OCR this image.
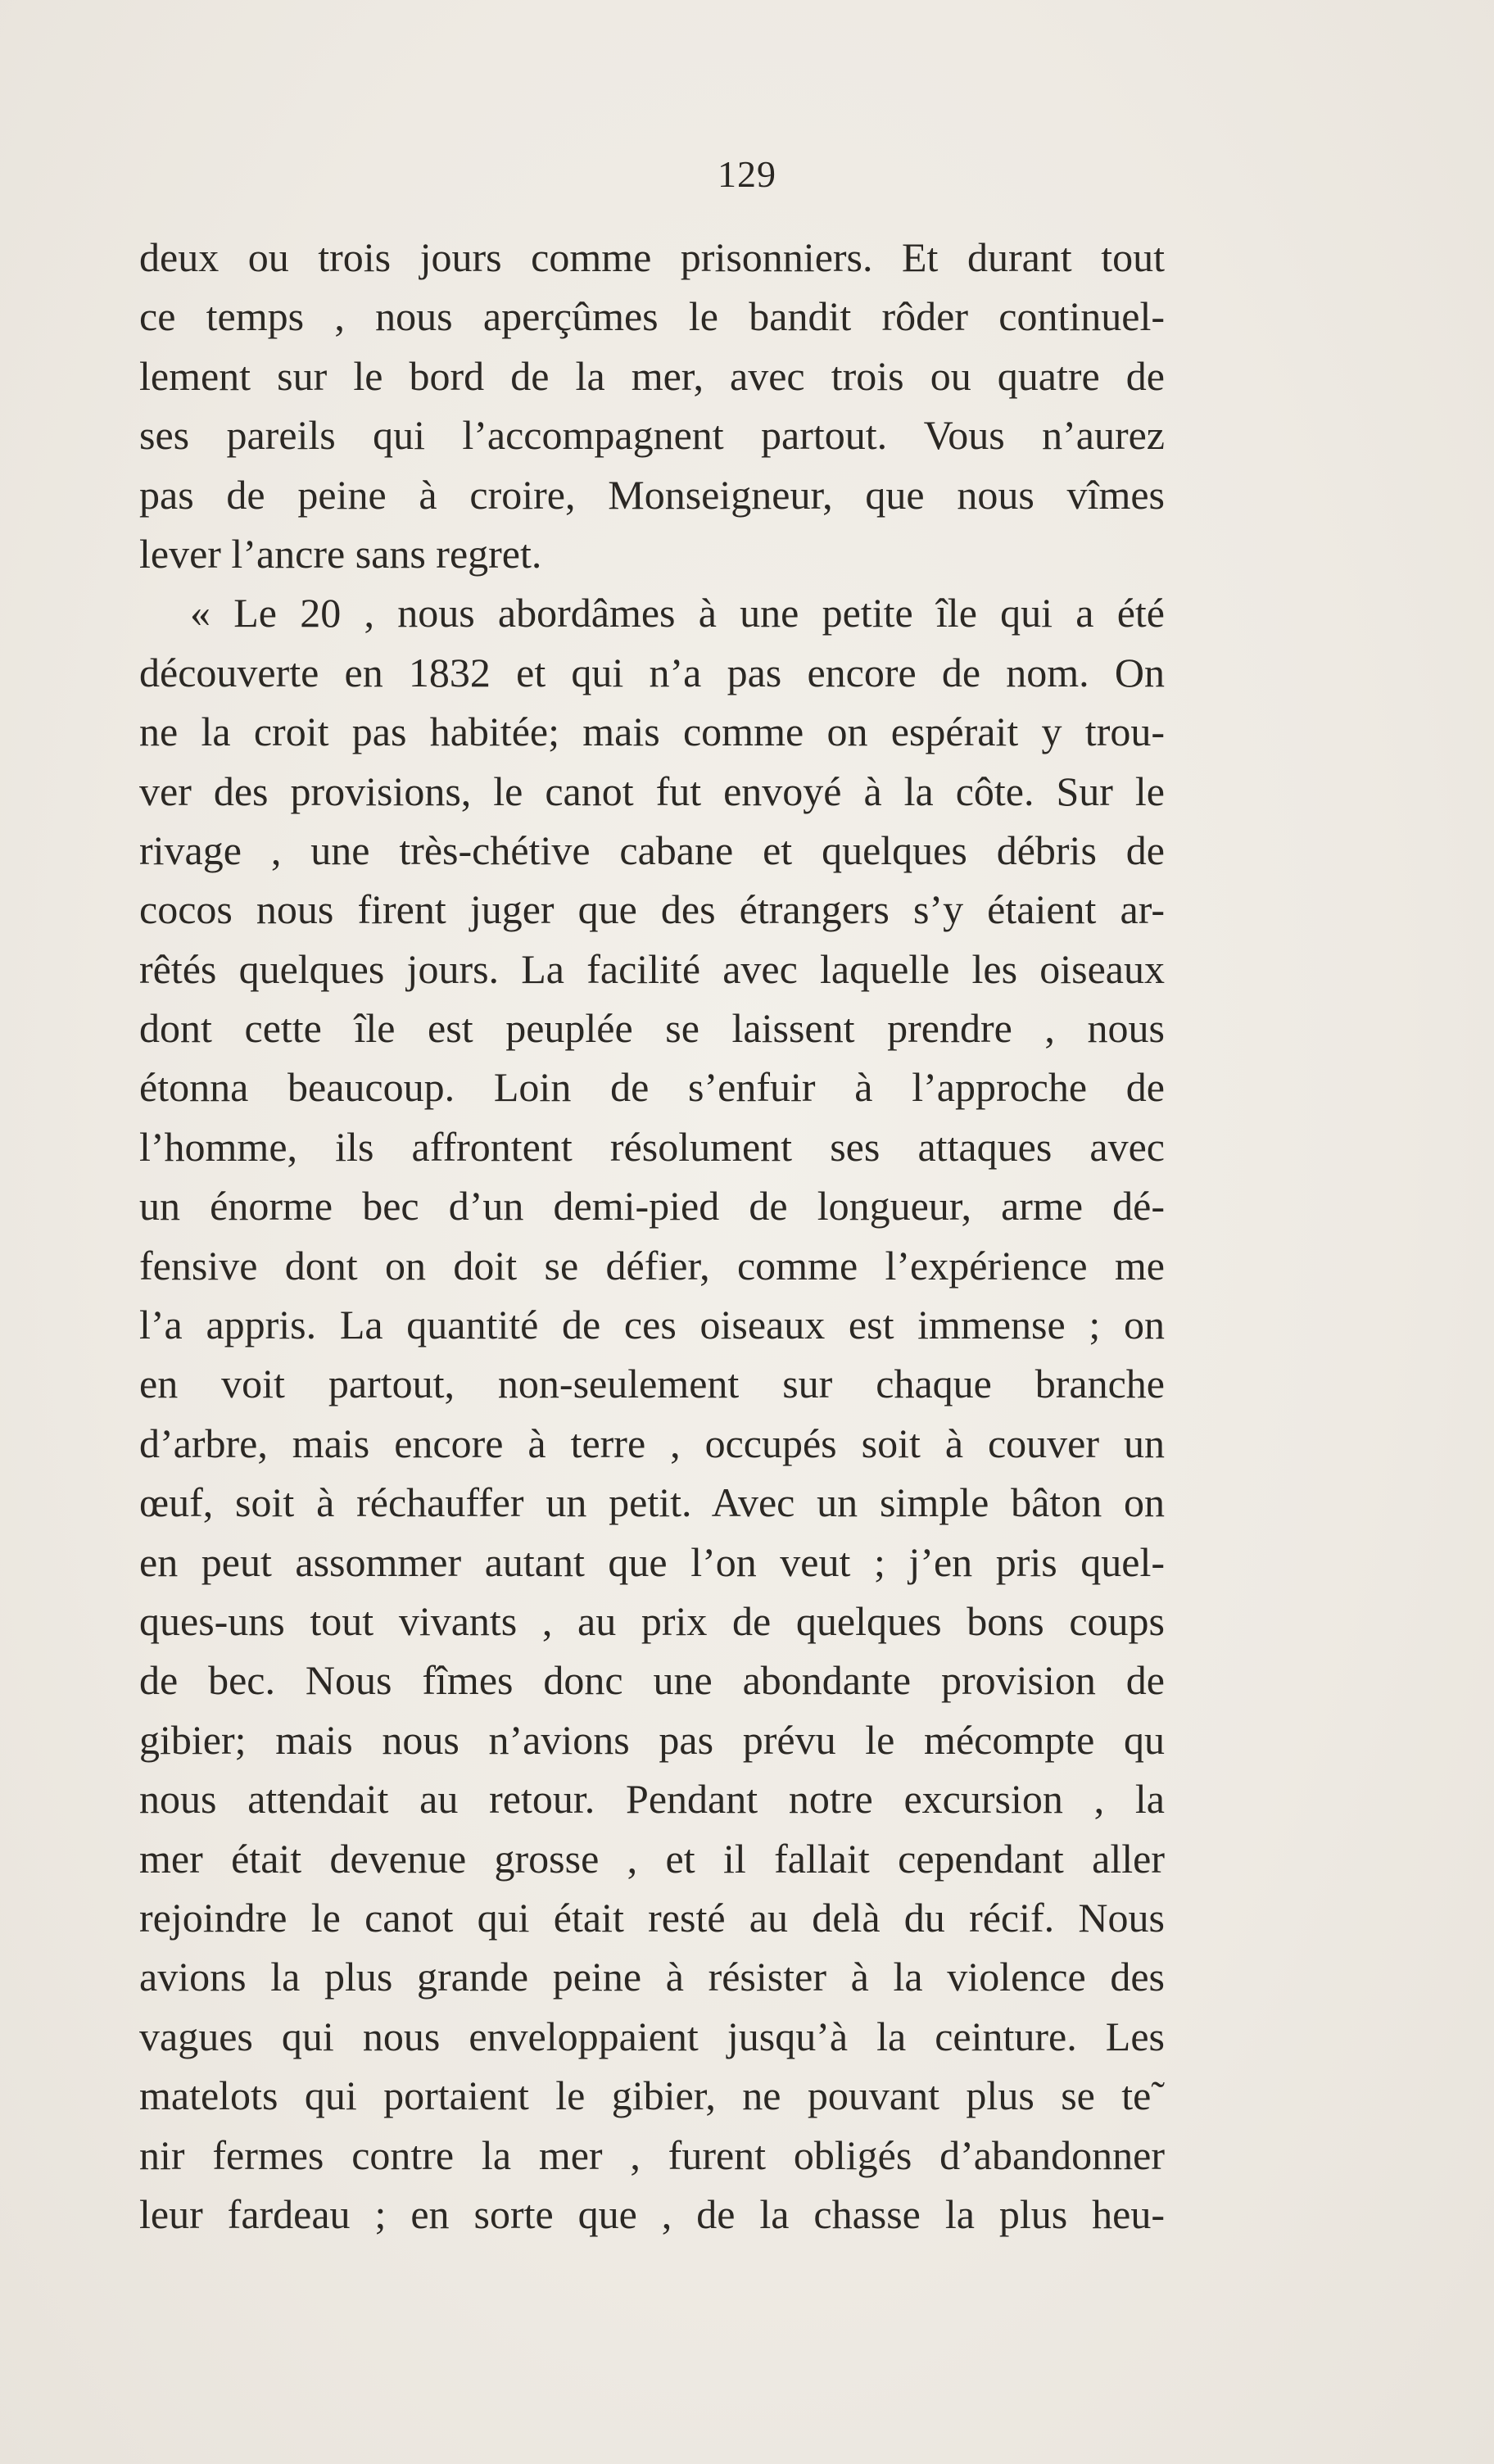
129
deux ou trois jours comme prisonniers. Et durant tout
ce temps , nous aperçûmes le bandit rôder continuel-
lement sur le bord de la mer, avec trois ou quatre de
ses pareils qui l’accompagnent partout. Vous n’aurez
pas de peine à croire, Monseigneur, que nous vîmes
lever l’ancre sans regret.
« Le 20 , nous abordâmes à une petite île qui a été
découverte en 1832 et qui n’a pas encore de nom. On
ne la croit pas habitée; mais comme on espérait y trou-
ver des provisions, le canot fut envoyé à la côte. Sur le
rivage , une très-chétive cabane et quelques débris de
cocos nous firent juger que des étrangers s’y étaient ar-
rêtés quelques jours. La facilité avec laquelle les oiseaux
dont cette île est peuplée se laissent prendre , nous
étonna beaucoup. Loin de s’enfuir à l’approche de
l’homme, ils affrontent résolument ses attaques avec
un énorme bec d’un demi-pied de longueur, arme dé-
fensive dont on doit se défier, comme l’expérience me
l’a appris. La quantité de ces oiseaux est immense ; on
en voit partout, non-seulement sur chaque branche
d’arbre, mais encore à terre , occupés soit à couver un
œuf, soit à réchauffer un petit. Avec un simple bâton on
en peut assommer autant que l’on veut ; j’en pris quel-
ques-uns tout vivants , au prix de quelques bons coups
de bec. Nous fîmes donc une abondante provision de
gibier; mais nous n’avions pas prévu le mécompte qu
nous attendait au retour. Pendant notre excursion , la
mer était devenue grosse , et il fallait cependant aller
rejoindre le canot qui était resté au delà du récif. Nous
avions la plus grande peine à résister à la violence des
vagues qui nous enveloppaient jusqu’à la ceinture. Les
matelots qui portaient le gibier, ne pouvant plus se te˜
nir fermes contre la mer , furent obligés d’abandonner
leur fardeau ; en sorte que , de la chasse la plus heu-
